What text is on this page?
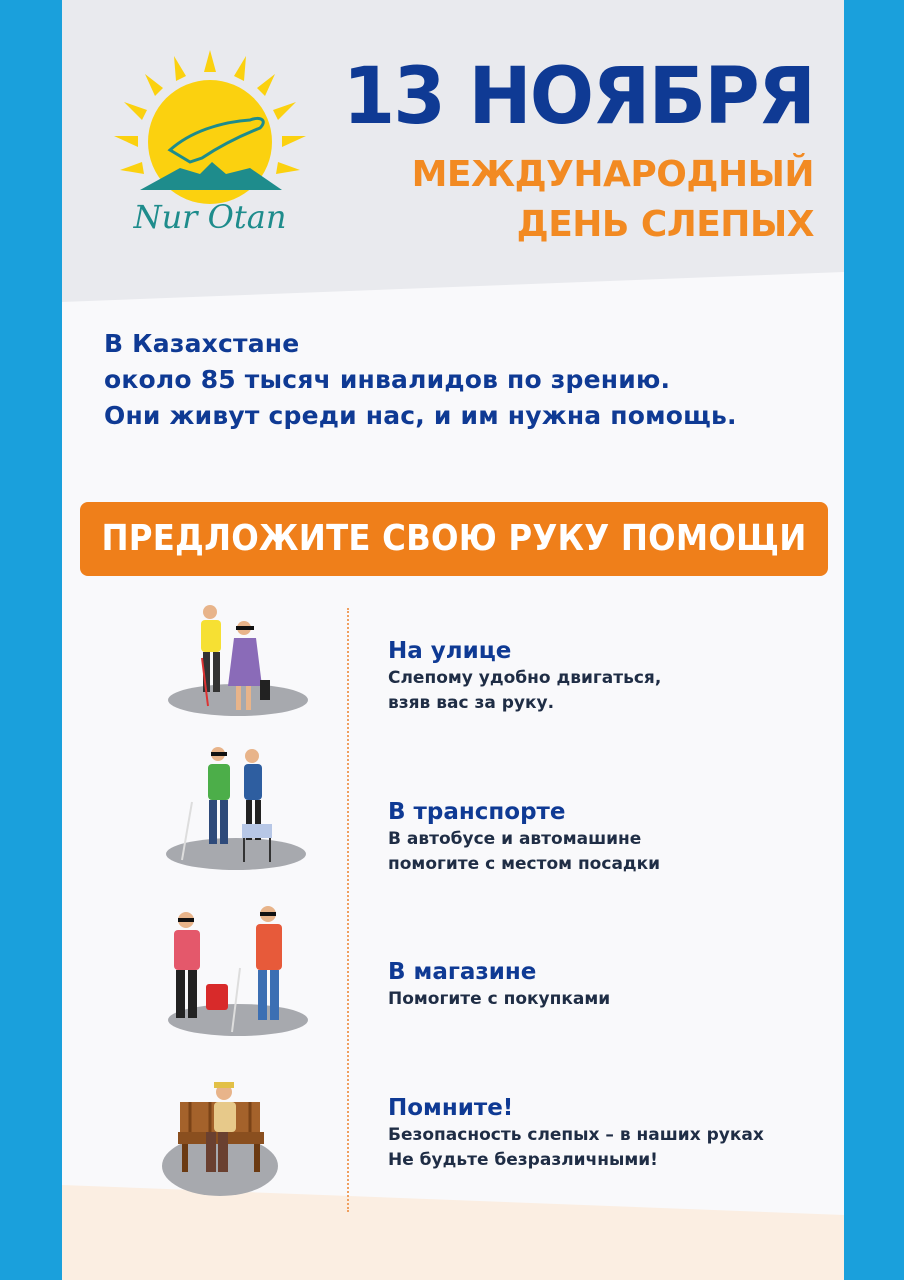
Nur Otan
13 НОЯБРЯ
МЕЖДУНАРОДНЫЙ
ДЕНЬ СЛЕПЫХ
В Казахстане
около 85 тысяч инвалидов по зрению.
Они живут среди нас, и им нужна помощь.
ПРЕДЛОЖИТЕ СВОЮ РУКУ ПОМОЩИ
На улице
Слепому удобно двигаться,
взяв вас за руку.
В транспорте
В автобусе и автомашине
помогите с местом посадки
В магазине
Помогите с покупками
Помните!
Безопасность слепых – в наших руках
Не будьте безразличными!
